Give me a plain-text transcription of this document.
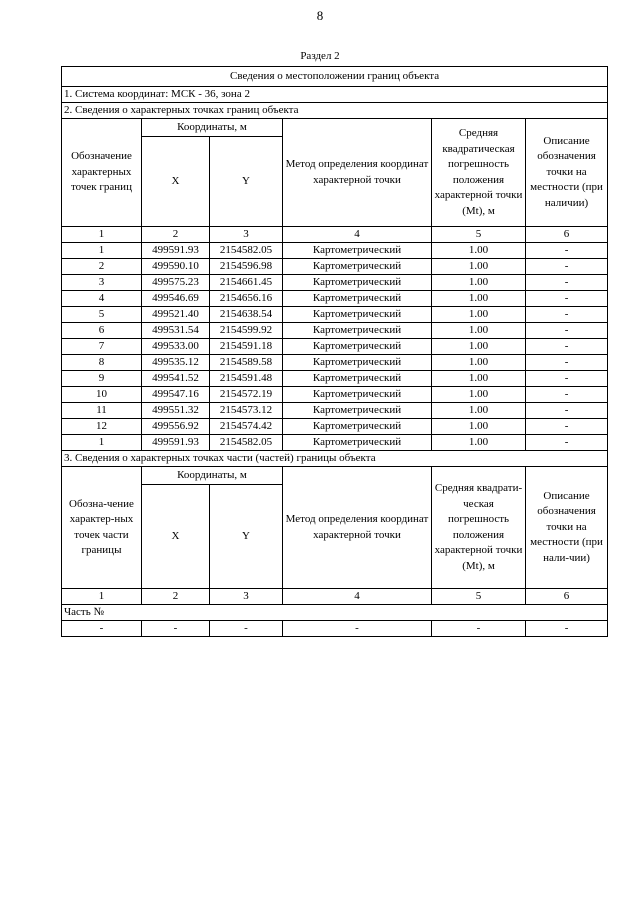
8
Раздел 2
Сведения о местоположении границ объекта					
1. Система координат: МСК - 36, зона 2					
2. Сведения о характерных точках границ объекта					
Обозначение характерных точек границ	Координаты, м		Метод определения координат характерной точки	Средняя квадратическая погрешность положения характерной точки (Mt), м	Описание обозначения точки на местности (при наличии)
	X	Y			
1	2	3	4	5	6
1	499591.93	2154582.05	Картометрический	1.00	-
2	499590.10	2154596.98	Картометрический	1.00	-
3	499575.23	2154661.45	Картометрический	1.00	-
4	499546.69	2154656.16	Картометрический	1.00	-
5	499521.40	2154638.54	Картометрический	1.00	-
6	499531.54	2154599.92	Картометрический	1.00	-
7	499533.00	2154591.18	Картометрический	1.00	-
8	499535.12	2154589.58	Картометрический	1.00	-
9	499541.52	2154591.48	Картометрический	1.00	-
10	499547.16	2154572.19	Картометрический	1.00	-
11	499551.32	2154573.12	Картометрический	1.00	-
12	499556.92	2154574.42	Картометрический	1.00	-
1	499591.93	2154582.05	Картометрический	1.00	-
3. Сведения о характерных точках части (частей) границы объекта					
Обозна-чение характер-ных точек части границы	Координаты, м		Метод определения координат характерной точки	Средняя квадрати-ческая погрешность положения характерной точки (Mt), м	Описание обозначения точки на местности (при нали-чии)
	X	Y			
1	2	3	4	5	6
Часть №					
-	-	-	-	-	-
